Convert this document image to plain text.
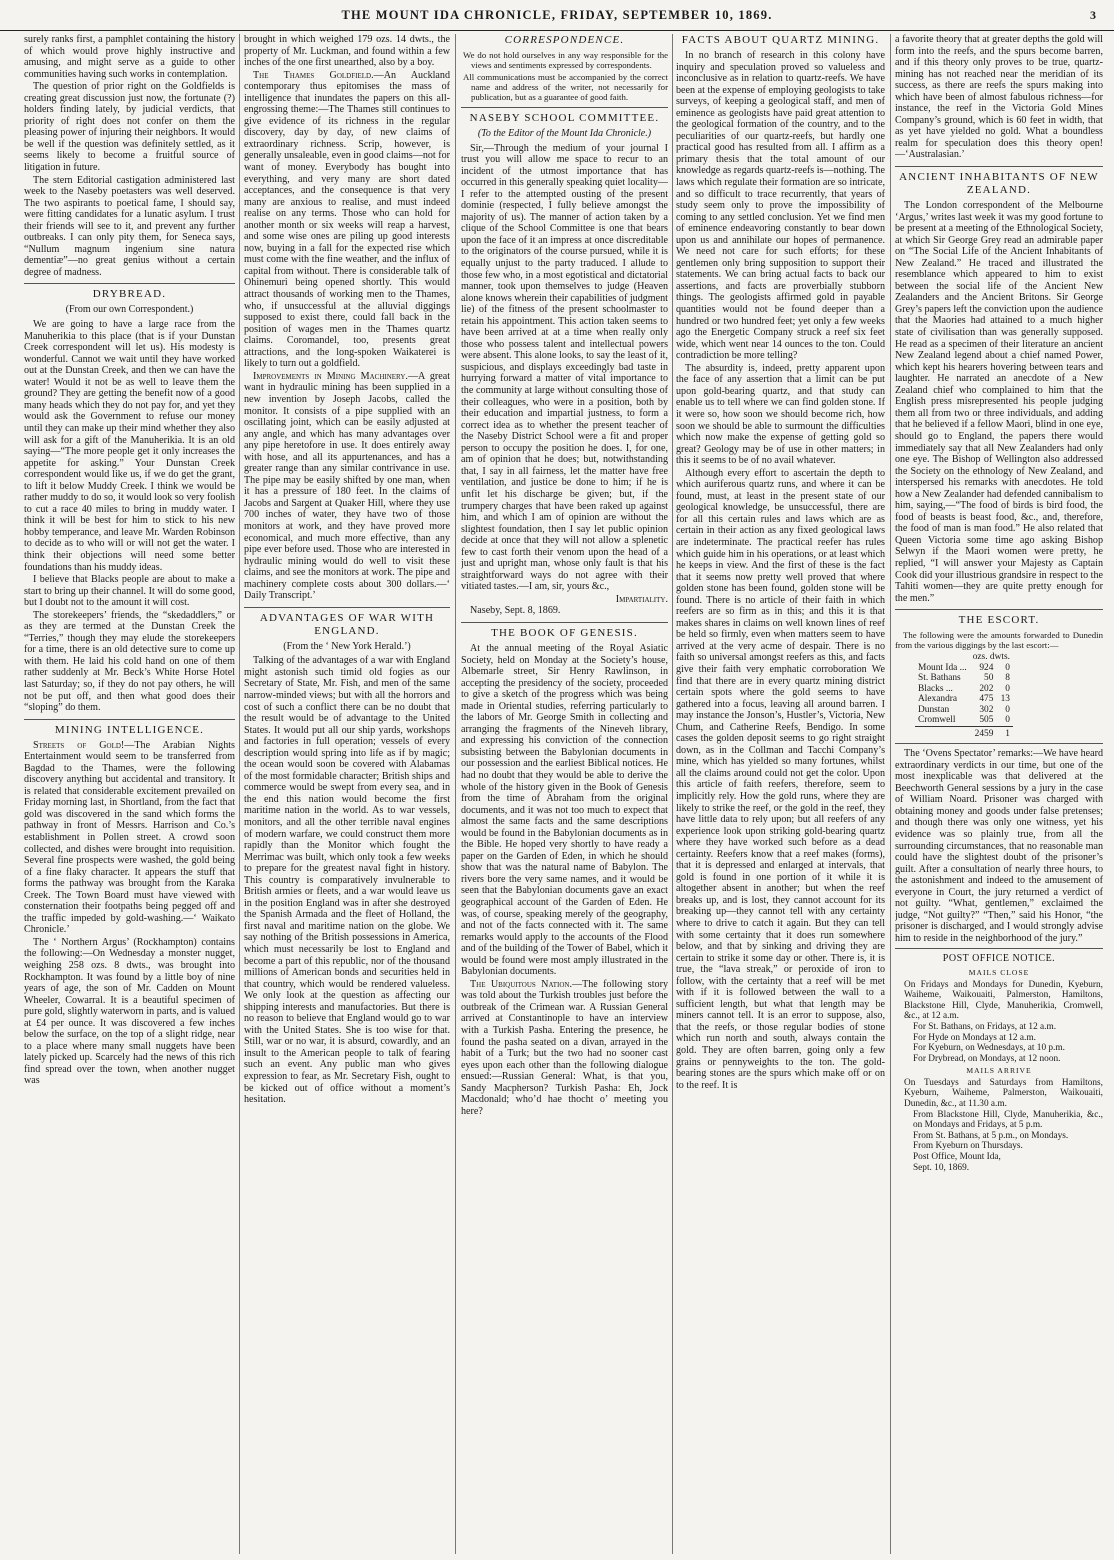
THE MOUNT IDA CHRONICLE, FRIDAY, SEPTEMBER 10, 1869.	3

surely ranks first, a pamphlet containing the history of which would prove highly instructive and amusing, and might serve as a guide to other communities having such works in contemplation.

The question of prior right on the Goldfields is creating great discussion just now, the fortunate (?) holders finding lately, by judicial verdicts, that priority of right does not confer on them the pleasing power of injuring their neighbors. It would be well if the question was definitely settled, as it seems likely to become a fruitful source of litigation in future.

The stern Editorial castigation administered last week to the Naseby poetasters was well deserved. The two aspirants to poetical fame, I should say, were fitting candidates for a lunatic asylum. I trust their friends will see to it, and prevent any further outbreaks. I can only pity them, for Seneca says, “Nullum magnum ingenium sine natura dementiæ”—no great genius without a certain degree of madness.

DRYBREAD.
(From our own Correspondent.)

We are going to have a large race from the Manuherikia to this place (that is if your Dunstan Creek correspondent will let us). His modesty is wonderful. Cannot we wait until they have worked out at the Dunstan Creek, and then we can have the water! Would it not be as well to leave them the ground? They are getting the benefit now of a good many heads which they do not pay for, and yet they would ask the Government to refuse our money until they can make up their mind whether they also will ask for a gift of the Manuherikia. It is an old saying—“The more people get it only increases the appetite for asking.” Your Dunstan Creek correspondent would like us, if we do get the grant, to lift it below Muddy Creek. I think we would be rather muddy to do so, it would look so very foolish to cut a race 40 miles to bring in muddy water. I think it will be best for him to stick to his new hobby temperance, and leave Mr. Warden Robinson to decide as to who will or will not get the water. I think their objections will need some better foundations than his muddy ideas.

I believe that Blacks people are about to make a start to bring up their channel. It will do some good, but I doubt not to the amount it will cost.

The storekeepers’ friends, the “skedaddlers,” or as they are termed at the Dunstan Creek the “Terries,” though they may elude the storekeepers for a time, there is an old detective sure to come up with them. He laid his cold hand on one of them rather suddenly at Mr. Beck’s White Horse Hotel last Saturday; so, if they do not pay others, he will not be put off, and then what good does their “sloping” do them.

MINING INTELLIGENCE.

Streets of Gold!—The Arabian Nights Entertainment would seem to be transferred from Bagdad to the Thames, were the following discovery anything but accidental and transitory. It is related that considerable excitement prevailed on Friday morning last, in Shortland, from the fact that gold was discovered in the sand which forms the pathway in front of Messrs. Harrison and Co.’s establishment in Pollen street. A crowd soon collected, and dishes were brought into requisition. Several fine prospects were washed, the gold being of a fine flaky character. It appears the stuff that forms the pathway was brought from the Karaka Creek. The Town Board must have viewed with consternation their footpaths being pegged off and the traffic impeded by gold-washing.—‘ Waikato Chronicle.’

The ‘ Northern Argus’ (Rockhampton) contains the following:—On Wednesday a monster nugget, weighing 258 ozs. 8 dwts., was brought into Rockhampton. It was found by a little boy of nine years of age, the son of Mr. Cadden on Mount Wheeler, Cowarral. It is a beautiful specimen of pure gold, slightly waterworn in parts, and is valued at £4 per ounce. It was discovered a few inches below the surface, on the top of a slight ridge, near to a place where many small nuggets have been lately picked up. Scarcely had the news of this rich find spread over the town, when another nugget was

brought in which weighed 179 ozs. 14 dwts., the property of Mr. Luckman, and found within a few inches of the one first unearthed, also by a boy.

The Thames Goldfield.—An Auckland contemporary thus epitomises the mass of intelligence that inundates the papers on this all-engrossing theme:—The Thames still continues to give evidence of its richness in the regular discovery, day by day, of new claims of extraordinary richness. Scrip, however, is generally unsaleable, even in good claims—not for want of money. Everybody has bought into everything, and very many are short dated acceptances, and the consequence is that very many are anxious to realise, and must indeed realise on any terms. Those who can hold for another month or six weeks will reap a harvest, and some wise ones are piling up good interests now, buying in a fall for the expected rise which must come with the fine weather, and the influx of capital from without. There is considerable talk of Ohinemuri being opened shortly. This would attract thousands of working men to the Thames, who, if unsuccessful at the alluvial diggings supposed to exist there, could fall back in the position of wages men in the Thames quartz claims. Coromandel, too, presents great attractions, and the long-spoken Waikaterei is likely to turn out a goldfield.

Improvements in Mining Machinery.—A great want in hydraulic mining has been supplied in a new invention by Joseph Jacobs, called the monitor. It consists of a pipe supplied with an oscillating joint, which can be easily adjusted at any angle, and which has many advantages over any pipe heretofore in use. It does entirely away with hose, and all its appurtenances, and has a greater range than any similar contrivance in use. The pipe may be easily shifted by one man, when it has a pressure of 180 feet. In the claims of Jacobs and Sargent at Quaker Hill, where they use 700 inches of water, they have two of those monitors at work, and they have proved more economical, and much more effective, than any pipe ever before used. Those who are interested in hydraulic mining would do well to visit these claims, and see the monitors at work. The pipe and machinery complete costs about 300 dollars.—‘ Daily Transcript.’

ADVANTAGES OF WAR WITH ENGLAND.
(From the ‘ New York Herald.’)

Talking of the advantages of a war with England might astonish such timid old fogies as our Secretary of State, Mr. Fish, and men of the same narrow-minded views; but with all the horrors and cost of such a conflict there can be no doubt that the result would be of advantage to the United States. It would put all our ship yards, workshops and factories in full operation; vessels of every description would spring into life as if by magic; the ocean would soon be covered with Alabamas of the most formidable character; British ships and commerce would be swept from every sea, and in the end this nation would become the first maritime nation in the world. As to war vessels, monitors, and all the other terrible naval engines of modern warfare, we could construct them more rapidly than the Monitor which fought the Merrimac was built, which only took a few weeks to prepare for the greatest naval fight in history. This country is comparatively invulnerable to British armies or fleets, and a war would leave us in the position England was in after she destroyed the Spanish Armada and the fleet of Holland, the first naval and maritime nation on the globe. We say nothing of the British possessions in America, which must necessarily be lost to England and become a part of this republic, nor of the thousand millions of American bonds and securities held in that country, which would be rendered valueless. We only look at the question as affecting our shipping interests and manufactories. But there is no reason to believe that England would go to war with the United States. She is too wise for that. Still, war or no war, it is absurd, cowardly, and an insult to the American people to talk of fearing such an event. Any public man who gives expression to fear, as Mr. Secretary Fish, ought to be kicked out of office without a moment’s hesitation.

CORRESPONDENCE.
We do not hold ourselves in any way responsible for the views and sentiments expressed by correspondents.
All communications must be accompanied by the correct name and address of the writer, not necessarily for publication, but as a guarantee of good faith.
NASEBY SCHOOL COMMITTEE.
(To the Editor of the Mount Ida Chronicle.)

Sir,—Through the medium of your journal I trust you will allow me space to recur to an incident of the utmost importance that has occurred in this generally speaking quiet locality—I refer to the attempted ousting of the present dominie (respected, I fully believe amongst the majority of us). The manner of action taken by a clique of the School Committee is one that bears upon the face of it an impress at once discreditable to the originators of the course pursued, while it is equally unjust to the party traduced. I allude to those few who, in a most egotistical and dictatorial manner, took upon themselves to judge (Heaven alone knows wherein their capabilities of judgment lie) of the fitness of the present schoolmaster to retain his appointment. This action taken seems to have been arrived at at a time when really only those who possess talent and intellectual powers were absent. This alone looks, to say the least of it, suspicious, and displays exceedingly bad taste in hurrying forward a matter of vital importance to the community at large without consulting those of their colleagues, who were in a position, both by their education and impartial justness, to form a correct idea as to whether the present teacher of the Naseby District School were a fit and proper person to occupy the position he does. I, for one, am of opinion that he does; but, notwithstanding that, I say in all fairness, let the matter have free ventilation, and justice be done to him; if he is unfit let his discharge be given; but, if the trumpery charges that have been raked up against him, and which I am of opinion are without the slightest foundation, then I say let public opinion decide at once that they will not allow a splenetic few to cast forth their venom upon the head of a just and upright man, whose only fault is that his straightforward ways do not agree with their vitiated tastes.—I am, sir, yours &c.,

Impartiality.

Naseby, Sept. 8, 1869.

THE BOOK OF GENESIS.

At the annual meeting of the Royal Asiatic Society, held on Monday at the Society’s house, Albemarle street, Sir Henry Rawlinson, in accepting the presidency of the society, proceeded to give a sketch of the progress which was being made in Oriental studies, referring particularly to the labors of Mr. George Smith in collecting and arranging the fragments of the Nineveh library, and expressing his conviction of the connection subsisting between the Babylonian documents in our possession and the earliest Biblical notices. He had no doubt that they would be able to derive the whole of the history given in the Book of Genesis from the time of Abraham from the original documents, and it was not too much to expect that almost the same facts and the same descriptions would be found in the Babylonian documents as in the Bible. He hoped very shortly to have ready a paper on the Garden of Eden, in which he should show that was the natural name of Babylon. The rivers bore the very same names, and it would be seen that the Babylonian documents gave an exact geographical account of the Garden of Eden. He was, of course, speaking merely of the geography, and not of the facts connected with it. The same remarks would apply to the accounts of the Flood and of the building of the Tower of Babel, which it would be found were most amply illustrated in the Babylonian documents.

The Ubiquitous Nation.—The following story was told about the Turkish troubles just before the outbreak of the Crimean war. A Russian General arrived at Constantinople to have an interview with a Turkish Pasha. Entering the presence, he found the pasha seated on a divan, arrayed in the habit of a Turk; but the two had no sooner cast eyes upon each other than the following dialogue ensued:—Russian General: What, is that you, Sandy Macpherson? Turkish Pasha: Eh, Jock Macdonald; who’d hae thocht o’ meeting you here?

FACTS ABOUT QUARTZ MINING.

In no branch of research in this colony have inquiry and speculation proved so valueless and inconclusive as in relation to quartz-reefs. We have been at the expense of employing geologists to take surveys, of keeping a geological staff, and men of eminence as geologists have paid great attention to the geological formation of the country, and to the peculiarities of our quartz-reefs, but hardly one practical good has resulted from all. I affirm as a primary thesis that the total amount of our knowledge as regards quartz-reefs is—nothing. The laws which regulate their formation are so intricate, and so difficult to trace recurrently, that years of study seem only to prove the impossibility of coming to any settled conclusion. Yet we find men of eminence endeavoring constantly to bear down upon us and annihilate our hopes of permanence. We need not care for such efforts; for these gentlemen only bring supposition to support their statements. We can bring actual facts to back our assertions, and facts are proverbially stubborn things. The geologists affirmed gold in payable quantities would not be found deeper than a hundred or two hundred feet; yet only a few weeks ago the Energetic Company struck a reef six feet wide, which went near 14 ounces to the ton. Could contradiction be more telling?

The absurdity is, indeed, pretty apparent upon the face of any assertion that a limit can be put upon gold-bearing quartz, and that study can enable us to tell where we can find golden stone. If it were so, how soon we should become rich, how soon we should be able to surmount the difficulties which now make the expense of getting gold so great? Geology may be of use in other matters; in this it seems to be of no avail whatever.

Although every effort to ascertain the depth to which auriferous quartz runs, and where it can be found, must, at least in the present state of our geological knowledge, be unsuccessful, there are for all this certain rules and laws which are as certain in their action as any fixed geological laws are indeterminate. The practical reefer has rules which guide him in his operations, or at least which he keeps in view. And the first of these is the fact that it seems now pretty well proved that where golden stone has been found, golden stone will be found. There is no article of their faith in which reefers are so firm as in this; and this it is that makes shares in claims on well known lines of reef be held so firmly, even when matters seem to have arrived at the very acme of despair. There is no faith so universal amongst reefers as this, and facts give their faith very emphatic corroboration We find that there are in every quartz mining district certain spots where the gold seems to have gathered into a focus, leaving all around barren. I may instance the Jonson’s, Hustler’s, Victoria, New Chum, and Catherine Reefs, Bendigo. In some cases the golden deposit seems to go right straight down, as in the Collman and Tacchi Company’s mine, which has yielded so many fortunes, whilst all the claims around could not get the color. Upon this article of faith reefers, therefore, seem to implicitly rely. How the gold runs, where they are likely to strike the reef, or the gold in the reef, they have little data to rely upon; but all reefers of any experience look upon striking gold-bearing quartz where they have worked such before as a dead certainty. Reefers know that a reef makes (forms), that it is depressed and enlarged at intervals, that gold is found in one portion of it while it is altogether absent in another; but when the reef breaks up, and is lost, they cannot account for its breaking up—they cannot tell with any certainty where to drive to catch it again. But they can tell with some certainty that it does run somewhere below, and that by sinking and driving they are certain to strike it some day or other. There is, it is true, the “lava streak,” or peroxide of iron to follow, with the certainty that a reef will be met with if it is followed between the wall to a sufficient length, but what that length may be miners cannot tell. It is an error to suppose, also, that the reefs, or those regular bodies of stone which run north and south, always contain the gold. They are often barren, going only a few grains or pennyweights to the ton. The gold-bearing stones are the spurs which make off or on to the reef. It is

a favorite theory that at greater depths the gold will form into the reefs, and the spurs become barren, and if this theory only proves to be true, quartz-mining has not reached near the meridian of its success, as there are reefs the spurs making into which have been of almost fabulous richness—for instance, the reef in the Victoria Gold Mines Company’s ground, which is 60 feet in width, that as yet have yielded no gold. What a boundless realm for speculation does this theory open!—‘Australasian.’

ANCIENT INHABITANTS OF NEW ZEALAND.

The London correspondent of the Melbourne ‘Argus,’ writes last week it was my good fortune to be present at a meeting of the Ethnological Society, at which Sir George Grey read an admirable paper on “The Social Life of the Ancient Inhabitants of New Zealand.” He traced and illustrated the resemblance which appeared to him to exist between the social life of the Ancient New Zealanders and the Ancient Britons. Sir George Grey’s papers left the conviction upon the audience that the Maories had attained to a much higher state of civilisation than was generally supposed. He read as a specimen of their literature an ancient New Zealand legend about a chief named Power, which kept his hearers hovering between tears and laughter. He narrated an anecdote of a New Zealand chief who complained to him that the English press misrepresented his people judging them all from two or three individuals, and adding that he believed if a fellow Maori, blind in one eye, should go to England, the papers there would immediately say that all New Zealanders had only one eye. The Bishop of Wellington also addressed the Society on the ethnology of New Zealand, and interspersed his remarks with anecdotes. He told how a New Zealander had defended cannibalism to him, saying,—“The food of birds is bird food, the food of beasts is beast food, &c., and, therefore, the food of man is man food.” He also related that Queen Victoria some time ago asking Bishop Selwyn if the Maori women were pretty, he replied, “I will answer your Majesty as Captain Cook did your illustrious grandsire in respect to the Tahiti women—they are quite pretty enough for the men.”

THE ESCORT.
The following were the amounts forwarded to Dunedin from the various diggings by the last escort:—
	ozs. dwts.	
Mount Ida ...	924	0
St. Bathans	50	8
Blacks ...	202	0
Alexandra	475	13
Dunstan	302	0
Cromwell	505	0
	2459	1

The ‘Ovens Spectator’ remarks:—We have heard extraordinary verdicts in our time, but one of the most inexplicable was that delivered at the Beechworth General sessions by a jury in the case of William Noard. Prisoner was charged with obtaining money and goods under false pretenses; and though there was only one witness, yet his evidence was so plainly true, from all the surrounding circumstances, that no reasonable man could have the slightest doubt of the prisoner’s guilt. After a consultation of nearly three hours, to the astonishment and indeed to the amusement of everyone in Court, the jury returned a verdict of not guilty. “What, gentlemen,” exclaimed the judge, “Not guilty?” “Then,” said his Honor, “the prisoner is discharged, and I would strongly advise him to reside in the neighborhood of the jury.”

POST OFFICE NOTICE.
MAILS CLOSE

On Fridays and Mondays for Dunedin, Kyeburn, Waiheme, Waikouaiti, Palmerston, Hamiltons, Blackstone Hill, Clyde, Manuherikia, Cromwell, &c., at 12 a.m.

For St. Bathans, on Fridays, at 12 a.m.

For Hyde on Mondays at 12 a.m.

For Kyeburn, on Wednesdays, at 10 p.m.

For Drybread, on Mondays, at 12 noon.

MAILS ARRIVE

On Tuesdays and Saturdays from Hamiltons, Kyeburn, Waiheme, Palmerston, Waikouaiti, Dunedin, &c., at 11.30 a.m.

From Blackstone Hill, Clyde, Manuherikia, &c., on Mondays and Fridays, at 5 p.m.

From St. Bathans, at 5 p.m., on Mondays.

From Kyeburn on Thursdays.

Post Office, Mount Ida,

Sept. 10, 1869.
